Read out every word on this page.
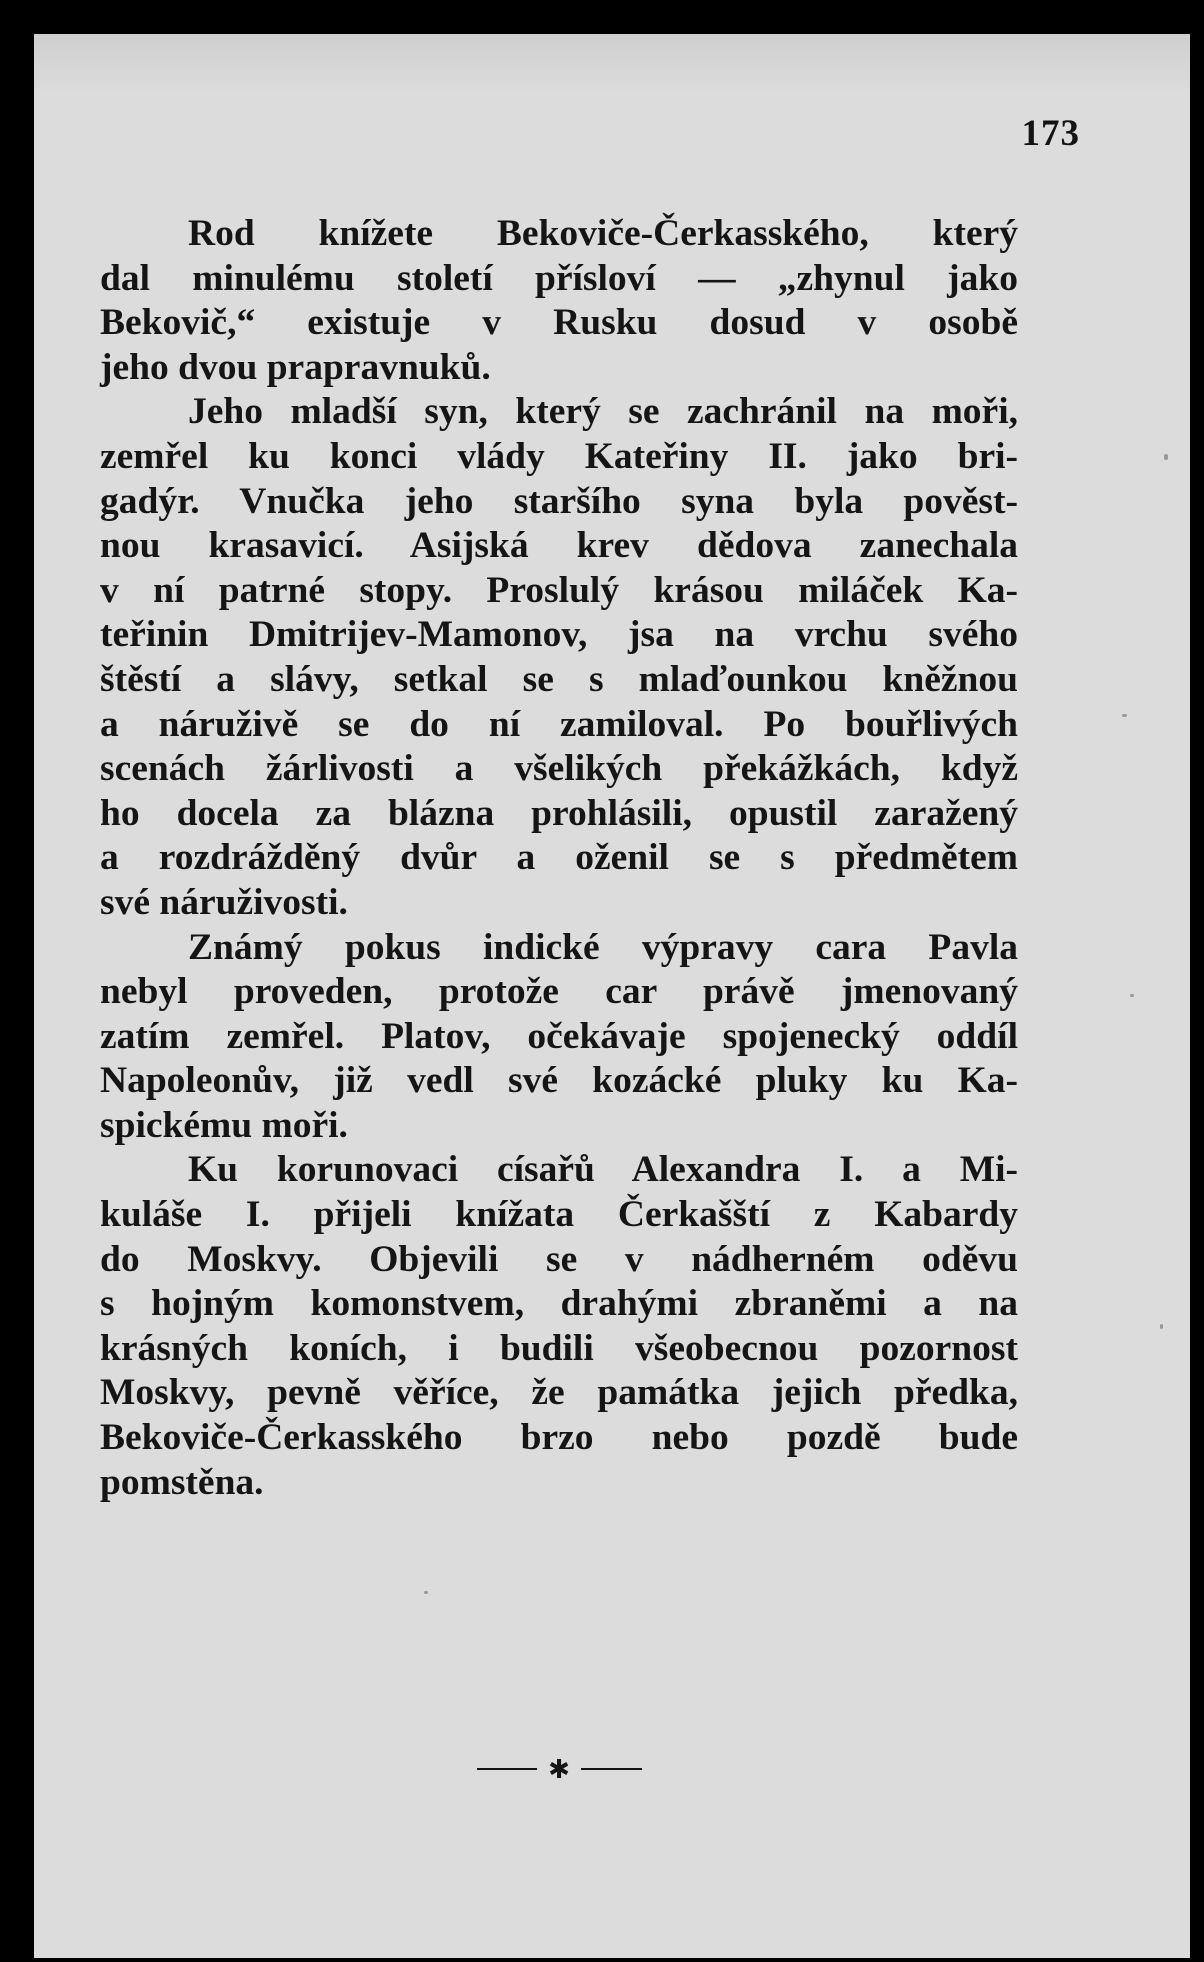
173
Rod knížete Bekoviče-Čerkasského, který
dal minulému století přísloví — „zhynul jako
Bekovič,“ existuje v Rusku dosud v osobě
jeho dvou prapravnuků.
Jeho mladší syn, který se zachránil na moři,
zemřel ku konci vlády Kateřiny II. jako bri-
gadýr. Vnučka jeho staršího syna byla pověst-
nou krasavicí. Asijská krev dědova zanechala
v ní patrné stopy. Proslulý krásou miláček Ka-
teřinin Dmitrijev-Mamonov, jsa na vrchu svého
štěstí a slávy, setkal se s mlaďounkou kněžnou
a náruživě se do ní zamiloval. Po bouřlivých
scenách žárlivosti a všelikých překážkách, když
ho docela za blázna prohlásili, opustil zaražený
a rozdrážděný dvůr a oženil se s předmětem
své náruživosti.
Známý pokus indické výpravy cara Pavla
nebyl proveden, protože car právě jmenovaný
zatím zemřel. Platov, očekávaje spojenecký oddíl
Napoleonův, již vedl své kozácké pluky ku Ka-
spickému moři.
Ku korunovaci císařů Alexandra I. a Mi-
kuláše I. přijeli knížata Čerkašští z Kabardy
do Moskvy. Objevili se v nádherném oděvu
s hojným komonstvem, drahými zbraněmi a na
krásných koních, i budili všeobecnou pozornost
Moskvy, pevně věříce, že památka jejich předka,
Bekoviče-Čerkasského brzo nebo pozdě bude
pomstěna.
✱
